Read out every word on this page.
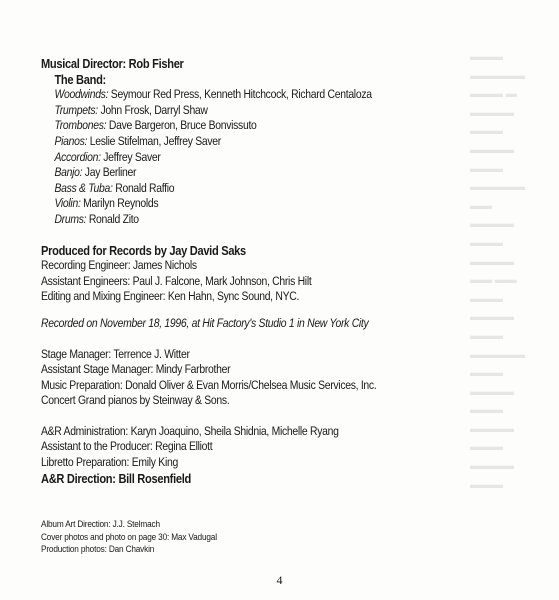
▬▬▬
▬▬▬▬▬
▬▬▬ ▬
▬▬▬▬
▬▬▬
▬▬▬▬
▬▬▬
▬▬▬▬▬
▬▬
▬▬▬▬
▬▬▬
▬▬▬▬
▬▬ ▬▬
▬▬▬
▬▬▬▬
▬▬▬
▬▬▬▬▬
▬▬▬
▬▬▬▬
▬▬▬
▬▬▬▬
▬▬▬
▬▬▬▬
▬▬▬
Musical Director: Rob Fisher
The Band:
Woodwinds: Seymour Red Press, Kenneth Hitchcock, Richard Centaloza
Trumpets: John Frosk, Darryl Shaw
Trombones: Dave Bargeron, Bruce Bonvissuto
Pianos: Leslie Stifelman, Jeffrey Saver
Accordion: Jeffrey Saver
Banjo: Jay Berliner
Bass & Tuba: Ronald Raffio
Violin: Marilyn Reynolds
Drums: Ronald Zito
Produced for Records by Jay David Saks
Recording Engineer: James Nichols
Assistant Engineers: Paul J. Falcone, Mark Johnson, Chris Hilt
Editing and Mixing Engineer: Ken Hahn, Sync Sound, NYC.
Recorded on November 18, 1996, at Hit Factory's Studio 1 in New York City
Stage Manager: Terrence J. Witter
Assistant Stage Manager: Mindy Farbrother
Music Preparation: Donald Oliver & Evan Morris/Chelsea Music Services, Inc.
Concert Grand pianos by Steinway & Sons.
A&R Administration: Karyn Joaquino, Sheila Shidnia, Michelle Ryang
Assistant to the Producer: Regina Elliott
Libretto Preparation: Emily King
A&R Direction: Bill Rosenfield
Album Art Direction: J.J. Stelmach
Cover photos and photo on page 30: Max Vadugal
Production photos: Dan Chavkin
4
